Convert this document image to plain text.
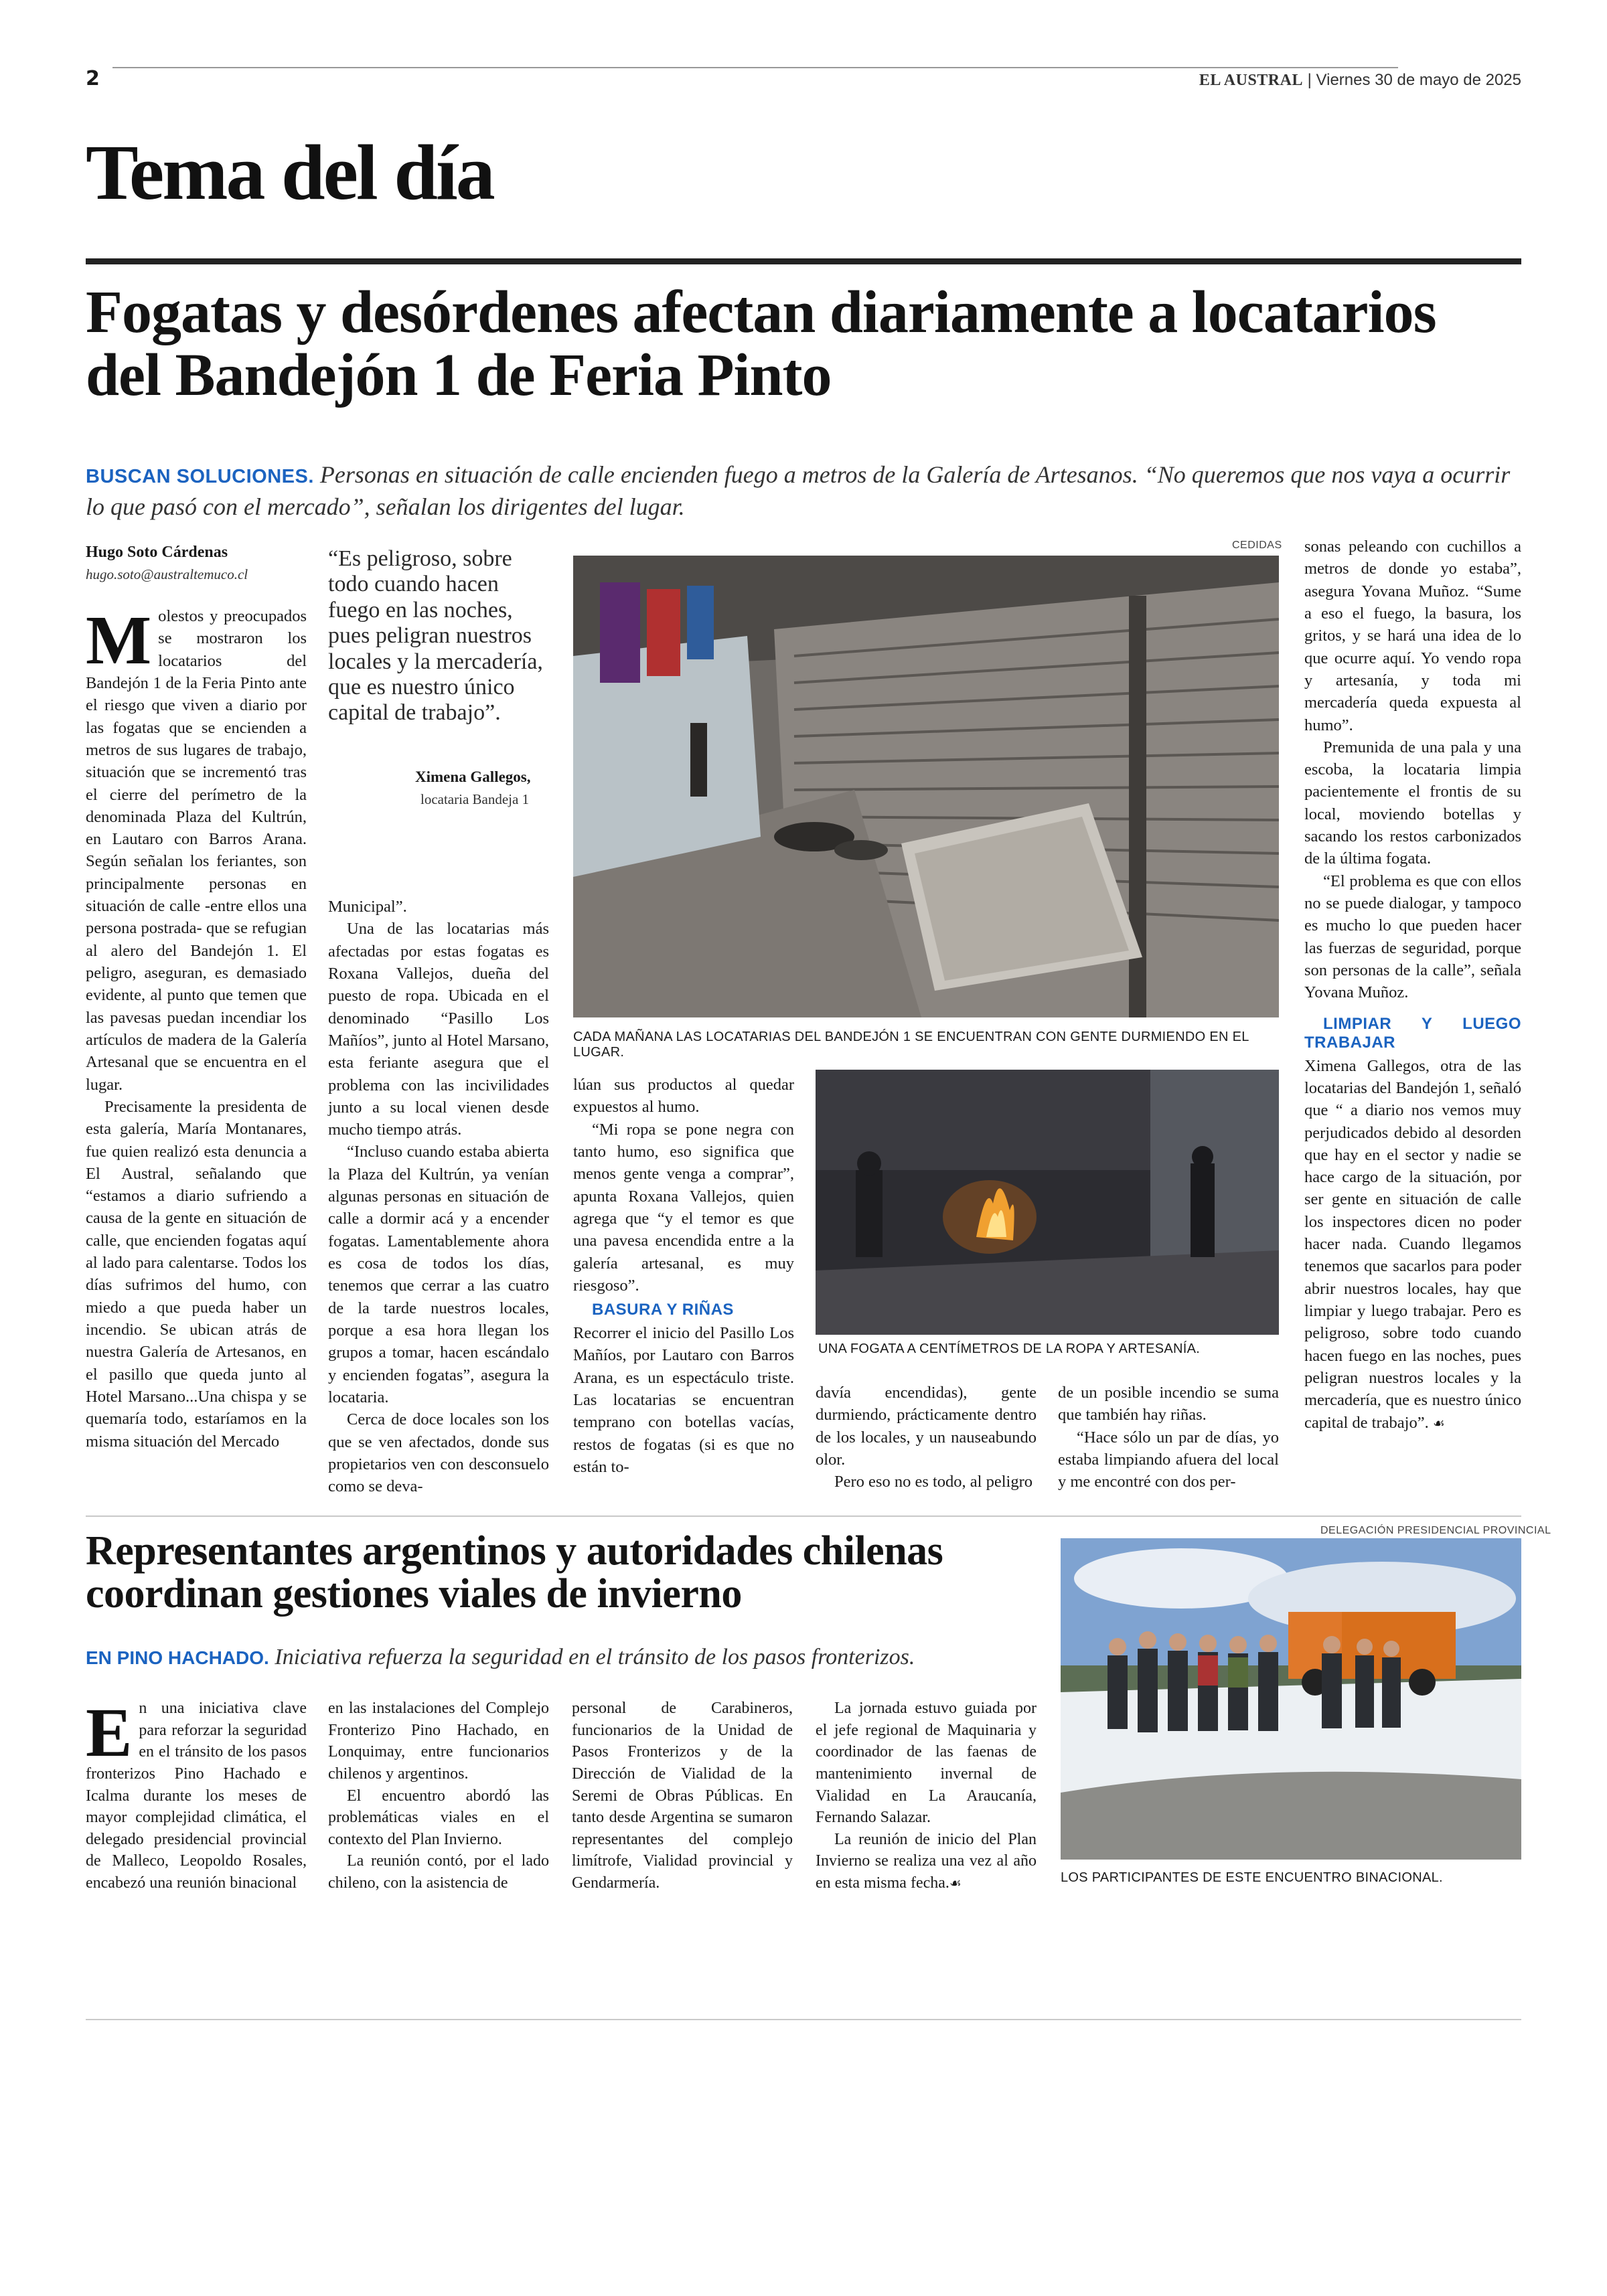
2	EL AUSTRAL | Viernes 30 de mayo de 2025
Tema del día
Fogatas y desórdenes afectan diariamente a locatarios del Bandejón 1 de Feria Pinto
BUSCAN SOLUCIONES. Personas en situación de calle encienden fuego a metros de la Galería de Artesanos. “No queremos que nos vaya a ocurrir lo que pasó con el mercado”, señalan los dirigentes del lugar.
Hugo Soto Cárdenas
hugo.soto@australtemuco.cl

Molestos y preocupados se mostraron los locatarios del Bandejón 1 de la Feria Pinto ante el riesgo que viven a diario por las fogatas que se encienden a metros de sus lugares de trabajo, situación que se incrementó tras el cierre del perímetro de la denominada Plaza del Kultrún, en Lautaro con Barros Arana. Según señalan los feriantes, son principalmente personas en situación de calle -entre ellos una persona postrada- que se refugian al alero del Bandejón 1. El peligro, aseguran, es demasiado evidente, al punto que temen que las pavesas puedan incendiar los artículos de madera de la Galería Artesanal que se encuentra en el lugar.

Precisamente la presidenta de esta galería, María Montanares, fue quien realizó esta denuncia a El Austral, señalando que “estamos a diario sufriendo a causa de la gente en situación de calle, que encienden fogatas aquí al lado para calentarse. Todos los días sufrimos del humo, con miedo a que pueda haber un incendio. Se ubican atrás de nuestra Galería de Artesanos, en el pasillo que queda junto al Hotel Marsano...Una chispa y se quemaría todo, estaríamos en la misma situación del Mercado

“Es peligroso, sobre todo cuando hacen fuego en las noches, pues peligran nuestros locales y la mercadería, que es nuestro único capital de trabajo”.
Ximena Gallegos,
locataria Bandeja 1

Municipal”.

Una de las locatarias más afectadas por estas fogatas es Roxana Vallejos, dueña del puesto de ropa. Ubicada en el denominado “Pasillo Los Mañíos”, junto al Hotel Marsano, esta feriante asegura que el problema con las incivilidades junto a su local vienen desde mucho tiempo atrás.

“Incluso cuando estaba abierta la Plaza del Kultrún, ya venían algunas personas en situación de calle a dormir acá y a encender fogatas. Lamentablemente ahora es cosa de todos los días, tenemos que cerrar a las cuatro de la tarde nuestros locales, porque a esa hora llegan los grupos a tomar, hacen escándalo y encienden fogatas”, asegura la locataria.

Cerca de doce locales son los que se ven afectados, donde sus propietarios ven con desconsuelo como se deva-

CEDIDAS
CADA MAÑANA LAS LOCATARIAS DEL BANDEJÓN 1 SE ENCUENTRAN CON GENTE DURMIENDO EN EL LUGAR.

lúan sus productos al quedar expuestos al humo.

“Mi ropa se pone negra con tanto humo, eso significa que menos gente venga a comprar”, apunta Roxana Vallejos, quien agrega que “y el temor es que una pavesa encendida entre a la galería artesanal, es muy riesgoso”.

BASURA Y RIÑAS

Recorrer el inicio del Pasillo Los Mañíos, por Lautaro con Barros Arana, es un espectáculo triste. Las locatarias se encuentran temprano con botellas vacías, restos de fogatas (si es que no están to-

UNA FOGATA A CENTÍMETROS DE LA ROPA Y ARTESANÍA.

davía encendidas), gente durmiendo, prácticamente dentro de los locales, y un nauseabundo olor.

Pero eso no es todo, al peligro

de un posible incendio se suma que también hay riñas.

“Hace sólo un par de días, yo estaba limpiando afuera del local y me encontré con dos per-

sonas peleando con cuchillos a metros de donde yo estaba”, asegura Yovana Muñoz. “Sume a eso el fuego, la basura, los gritos, y se hará una idea de lo que ocurre aquí. Yo vendo ropa y artesanía, y toda mi mercadería queda expuesta al humo”.

Premunida de una pala y una escoba, la locataria limpia pacientemente el frontis de su local, moviendo botellas y sacando los restos carbonizados de la última fogata.

“El problema es que con ellos no se puede dialogar, y tampoco es mucho lo que pueden hacer las fuerzas de seguridad, porque son personas de la calle”, señala Yovana Muñoz.

LIMPIAR Y LUEGO TRABAJAR

Ximena Gallegos, otra de las locatarias del Bandejón 1, señaló que “ a diario nos vemos muy perjudicados debido al desorden que hay en el sector y nadie se hace cargo de la situación, por ser gente en situación de calle los inspectores dicen no poder hacer nada. Cuando llegamos tenemos que sacarlos para poder abrir nuestros locales, hay que limpiar y luego trabajar. Pero es peligroso, sobre todo cuando hacen fuego en las noches, pues peligran nuestros locales y la mercadería, que es nuestro único capital de trabajo”. ☙

Representantes argentinos y autoridades chilenas coordinan gestiones viales de invierno
EN PINO HACHADO. Iniciativa refuerza la seguridad en el tránsito de los pasos fronterizos.

En una iniciativa clave para reforzar la seguridad en el tránsito de los pasos fronterizos Pino Hachado e Icalma durante los meses de mayor complejidad climática, el delegado presidencial provincial de Malleco, Leopoldo Rosales, encabezó una reunión binacional

en las instalaciones del Complejo Fronterizo Pino Hachado, en Lonquimay, entre funcionarios chilenos y argentinos.

El encuentro abordó las problemáticas viales en el contexto del Plan Invierno.

La reunión contó, por el lado chileno, con la asistencia de

personal de Carabineros, funcionarios de la Unidad de Pasos Fronterizos y de la Dirección de Vialidad de la Seremi de Obras Públicas. En tanto desde Argentina se sumaron representantes del complejo limítrofe, Vialidad provincial y Gendarmería.

La jornada estuvo guiada por el jefe regional de Maquinaria y coordinador de las faenas de mantenimiento invernal de Vialidad en La Araucanía, Fernando Salazar.

La reunión de inicio del Plan Invierno se realiza una vez al año en esta misma fecha.☙

DELEGACIÓN PRESIDENCIAL PROVINCIAL
LOS PARTICIPANTES DE ESTE ENCUENTRO BINACIONAL.
